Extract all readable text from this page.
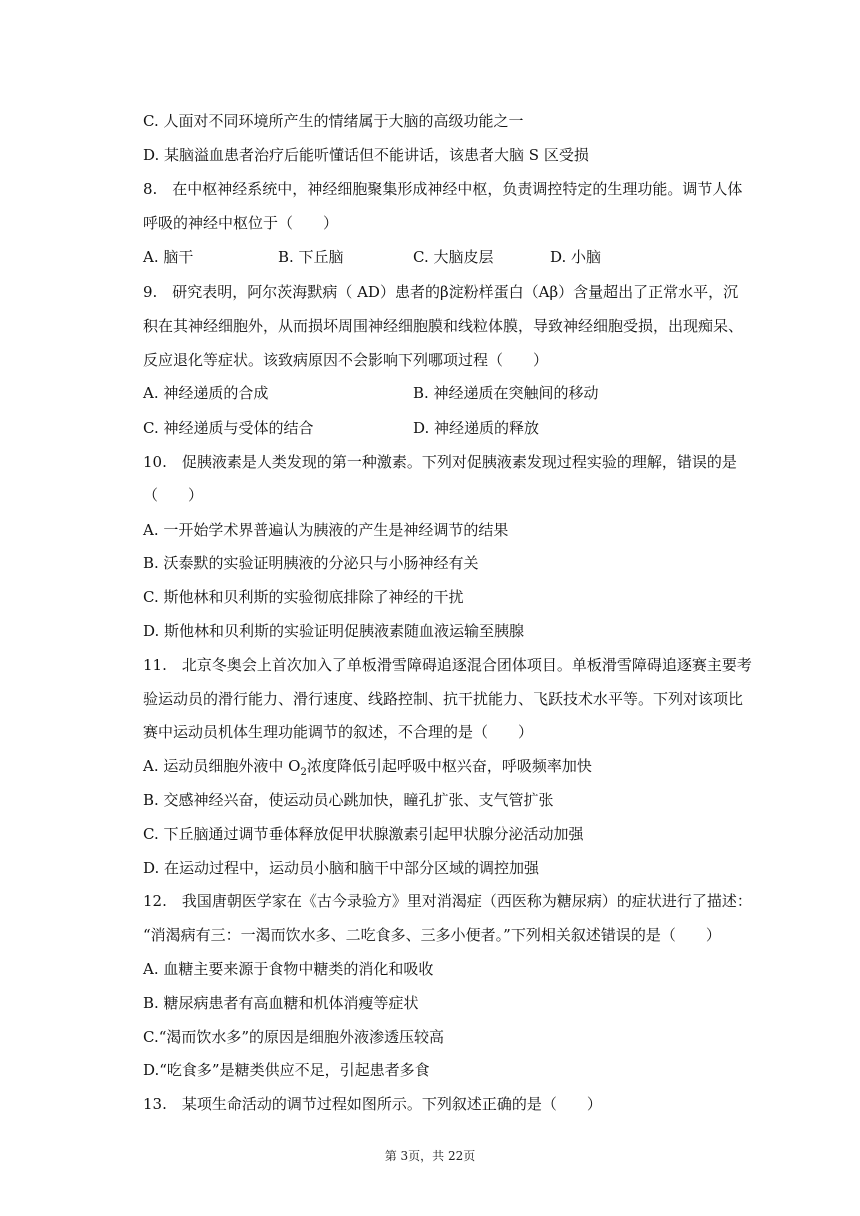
C. 人面对不同环境所产生的情绪属于大脑的高级功能之一
D. 某脑溢血患者治疗后能听懂话但不能讲话，该患者大脑 S 区受损
8.　在中枢神经系统中，神经细胞聚集形成神经中枢，负责调控特定的生理功能。调节人体
呼吸的神经中枢位于（　　）
A. 脑干	B. 下丘脑	C. 大脑皮层	D. 小脑
9.　研究表明，阿尔茨海默病（ AD）患者的β淀粉样蛋白（Aβ）含量超出了正常水平，沉
积在其神经细胞外，从而损坏周围神经细胞膜和线粒体膜，导致神经细胞受损，出现痴呆、
反应退化等症状。该致病原因不会影响下列哪项过程（　　）
A. 神经递质的合成	B. 神经递质在突触间的移动
C. 神经递质与受体的结合	D. 神经递质的释放
10.　促胰液素是人类发现的第一种激素。下列对促胰液素发现过程实验的理解，错误的是
（　　）
A. 一开始学术界普遍认为胰液的产生是神经调节的结果
B. 沃泰默的实验证明胰液的分泌只与小肠神经有关
C. 斯他林和贝利斯的实验彻底排除了神经的干扰
D. 斯他林和贝利斯的实验证明促胰液素随血液运输至胰腺
11.　北京冬奥会上首次加入了单板滑雪障碍追逐混合团体项目。单板滑雪障碍追逐赛主要考
验运动员的滑行能力、滑行速度、线路控制、抗干扰能力、飞跃技术水平等。下列对该项比
赛中运动员机体生理功能调节的叙述，不合理的是（　　）
A. 运动员细胞外液中 $O_2$浓度降低引起呼吸中枢兴奋，呼吸频率加快
B. 交感神经兴奋，使运动员心跳加快，瞳孔扩张、支气管扩张
C. 下丘脑通过调节垂体释放促甲状腺激素引起甲状腺分泌活动加强
D. 在运动过程中，运动员小脑和脑干中部分区域的调控加强
12.　我国唐朝医学家在《古今录验方》里对消渴症（西医称为糖尿病）的症状进行了描述：
“消渴病有三：一渴而饮水多、二吃食多、三多小便者。”下列相关叙述错误的是（　　）
A. 血糖主要来源于食物中糖类的消化和吸收
B. 糖尿病患者有高血糖和机体消瘦等症状
C.“渴而饮水多”的原因是细胞外液渗透压较高
D.“吃食多”是糖类供应不足，引起患者多食
13.　某项生命活动的调节过程如图所示。下列叙述正确的是（　　）
第 3页，共 22页
